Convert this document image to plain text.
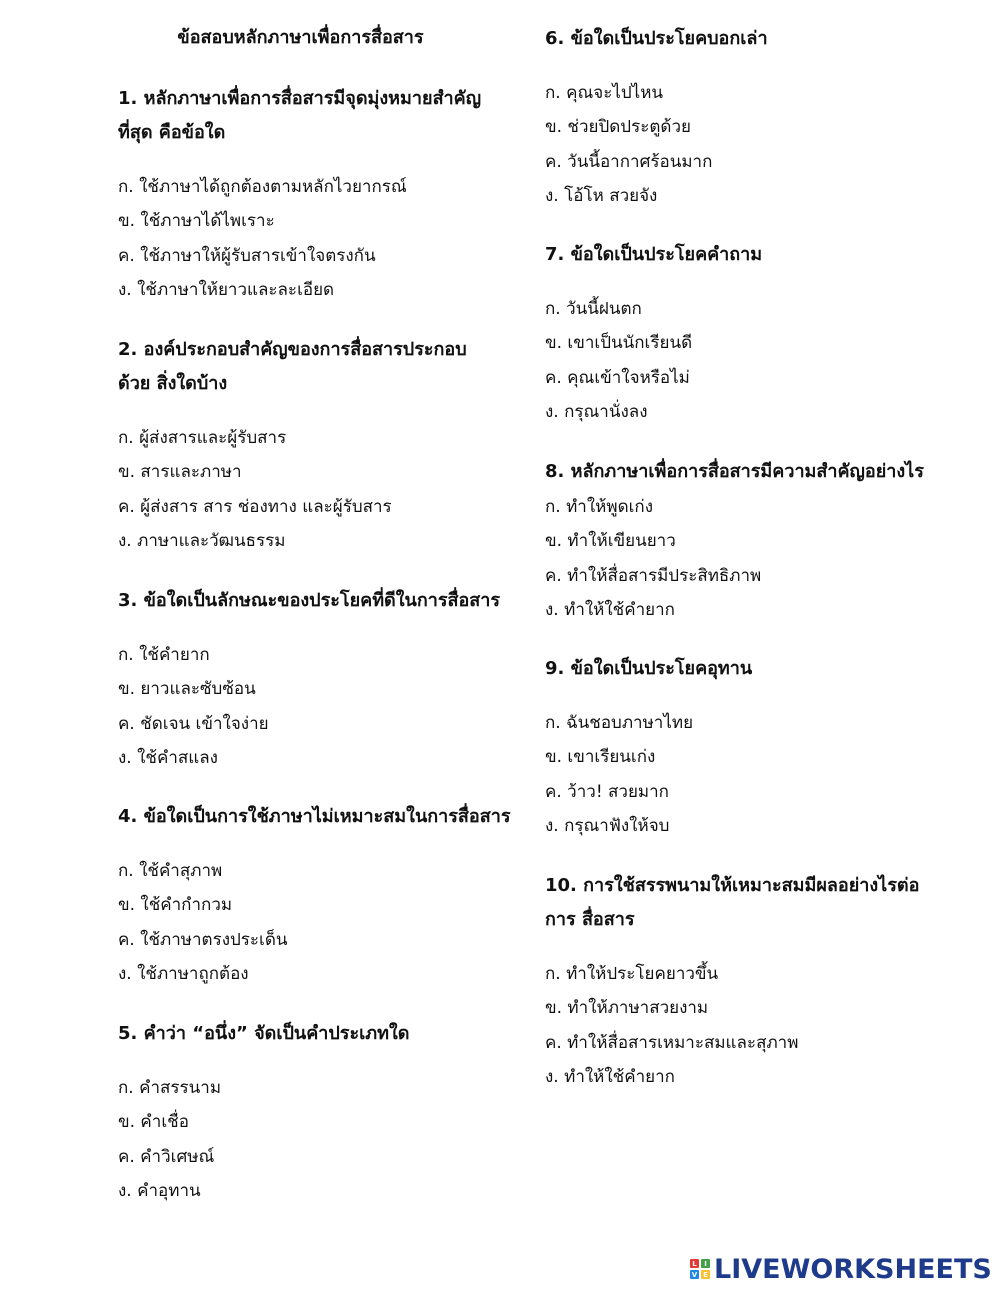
ข้อสอบหลักภาษาเพื่อการสื่อสาร

1. หลักภาษาเพื่อการสื่อสารมีจุดมุ่งหมายสำคัญที่สุด คือข้อใด

ก. ใช้ภาษาได้ถูกต้องตามหลักไวยากรณ์
ข. ใช้ภาษาได้ไพเราะ
ค. ใช้ภาษาให้ผู้รับสารเข้าใจตรงกัน
ง. ใช้ภาษาให้ยาวและละเอียด

2. องค์ประกอบสำคัญของการสื่อสารประกอบด้วย สิ่งใดบ้าง

ก. ผู้ส่งสารและผู้รับสาร
ข. สารและภาษา
ค. ผู้ส่งสาร สาร ช่องทาง และผู้รับสาร
ง. ภาษาและวัฒนธรรม

3. ข้อใดเป็นลักษณะของประโยคที่ดีในการสื่อสาร

ก. ใช้คำยาก
ข. ยาวและซับซ้อน
ค. ชัดเจน เข้าใจง่าย
ง. ใช้คำสแลง

4. ข้อใดเป็นการใช้ภาษาไม่เหมาะสมในการสื่อสาร

ก. ใช้คำสุภาพ
ข. ใช้คำกำกวม
ค. ใช้ภาษาตรงประเด็น
ง. ใช้ภาษาถูกต้อง

5. คำว่า “อนึ่ง” จัดเป็นคำประเภทใด

ก. คำสรรนาม
ข. คำเชื่อ
ค. คำวิเศษณ์
ง. คำอุทาน

6. ข้อใดเป็นประโยคบอกเล่า

ก. คุณจะไปไหน
ข. ช่วยปิดประตูด้วย
ค. วันนี้อากาศร้อนมาก
ง. โอ้โห สวยจัง

7. ข้อใดเป็นประโยคคำถาม

ก. วันนี้ฝนตก
ข. เขาเป็นนักเรียนดี
ค. คุณเข้าใจหรือไม่
ง. กรุณานั่งลง

8. หลักภาษาเพื่อการสื่อสารมีความสำคัญอย่างไร

ก. ทำให้พูดเก่ง
ข. ทำให้เขียนยาว
ค. ทำให้สื่อสารมีประสิทธิภาพ
ง. ทำให้ใช้คำยาก

9. ข้อใดเป็นประโยคอุทาน

ก. ฉันชอบภาษาไทย
ข. เขาเรียนเก่ง
ค. ว้าว! สวยมาก
ง. กรุณาฟังให้จบ

10. การใช้สรรพนามให้เหมาะสมมีผลอย่างไรต่อการ สื่อสาร

ก. ทำให้ประโยคยาวขึ้น
ข. ทำให้ภาษาสวยงาม
ค. ทำให้สื่อสารเหมาะสมและสุภาพ
ง. ทำให้ใช้คำยาก
L	I
V E LIVEWORKSHEETS
